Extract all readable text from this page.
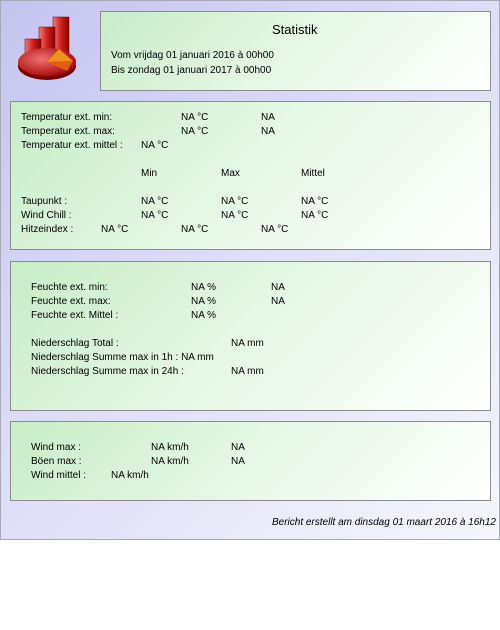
Statistik
Vom vrijdag 01 januari 2016 à 00h00
Bis zondag 01 januari 2017 à 00h00
Temperatur ext. min:	NA °C	NA
Temperatur ext. max:	NA °C	NA
Temperatur ext. mittel : NA °C
Min	Max	Mittel
Taupunkt :	NA °C	NA °C	NA °C
Wind Chill :	NA °C	NA °C	NA °C
Hitzeindex :	NA °C	NA °C	NA °C
Feuchte ext. min:	NA %	NA
Feuchte ext. max:	NA %	NA
Feuchte ext. Mittel :	NA %
Niederschlag Total :	NA mm
Niederschlag Summe max in 1h : NA mm
Niederschlag Summe max in 24h :	NA mm
Wind max :	NA km/h	NA
Böen max :	NA km/h	NA
Wind mittel : NA km/h
Bericht erstellt am dinsdag 01 maart 2016 à 16h12
